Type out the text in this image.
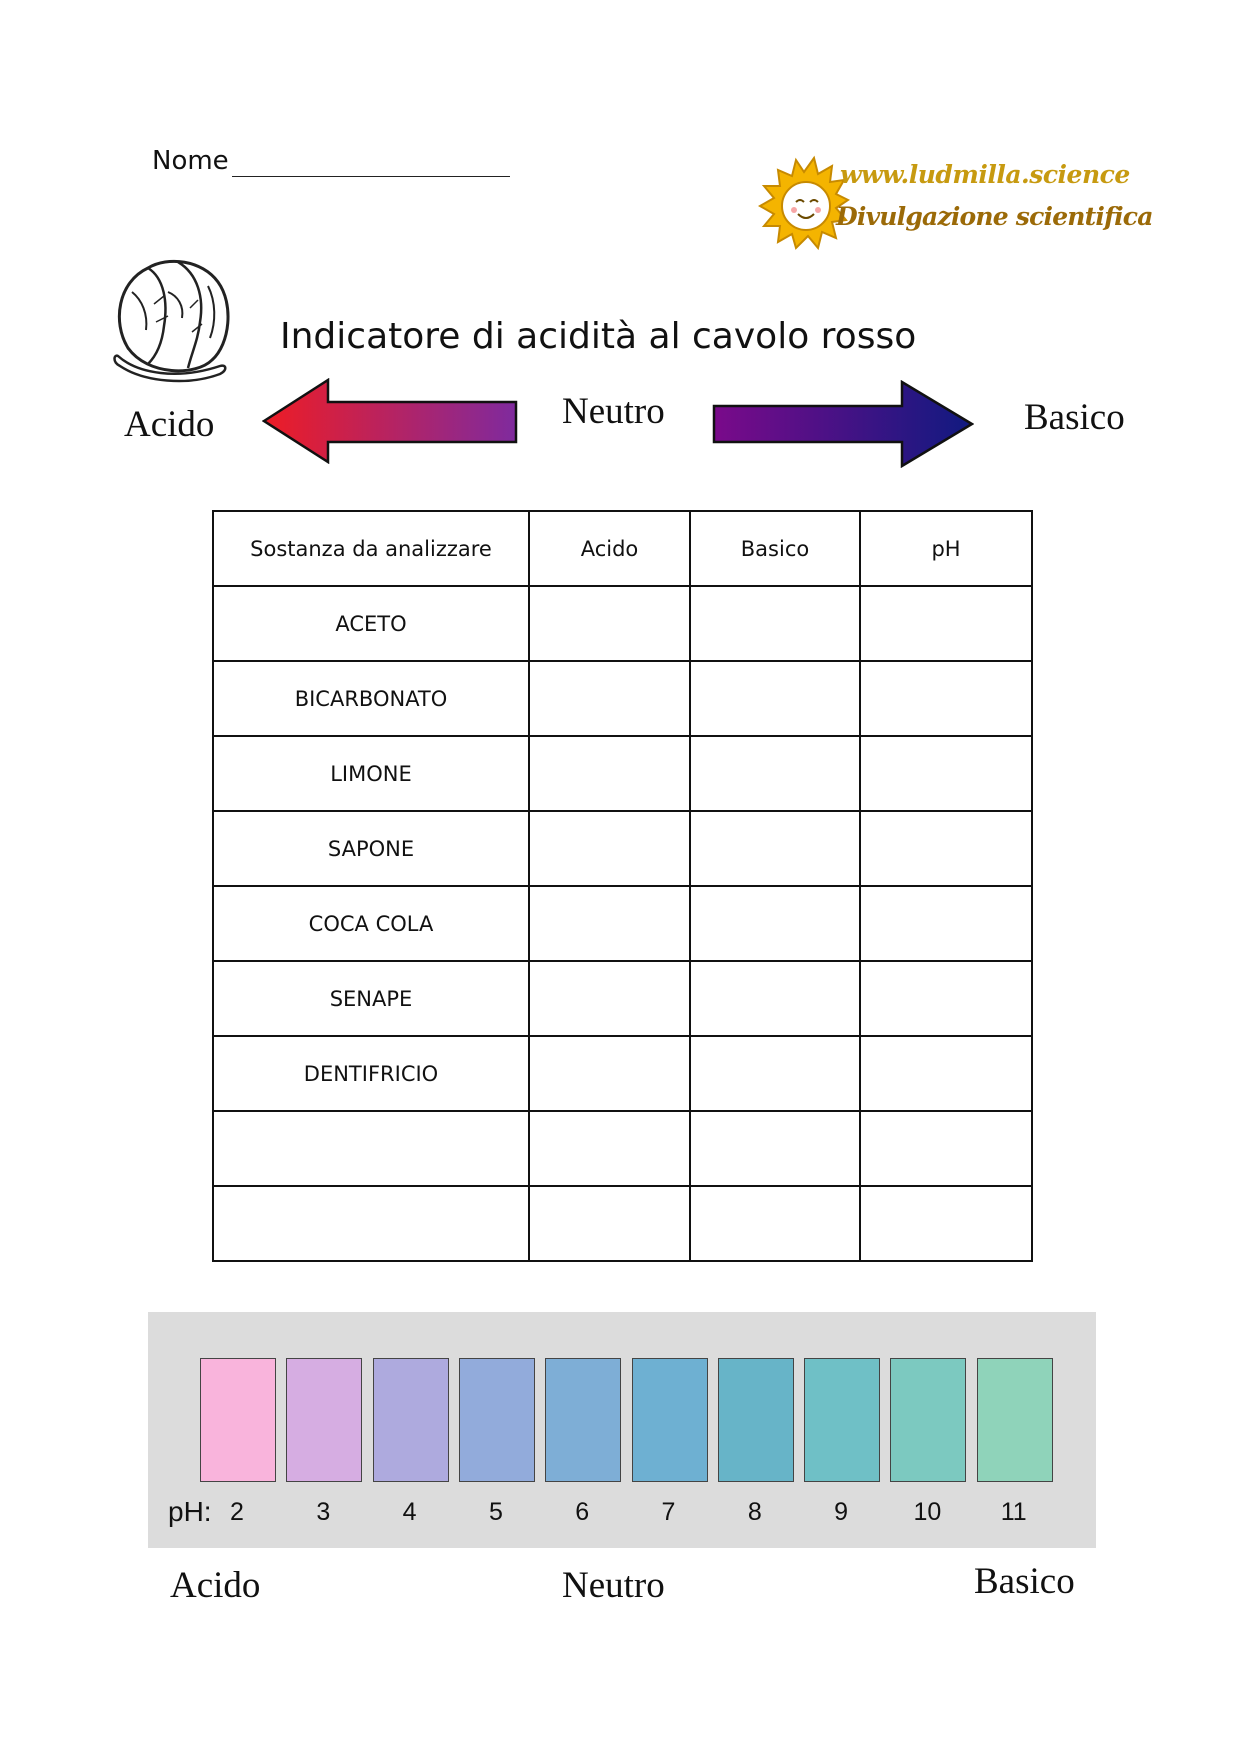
Nome	www.ludmilla.science
Divulgazione scientifica
Indicatore di acidità al cavolo rosso
Acido	Neutro	Basico
Sostanza da analizzare	Acido	Basico	pH
ACETO			
BICARBONATO			
LIMONE			
SAPONE			
COCA COLA			
SENAPE			
DENTIFRICIO			

pH: 2	3	4	5	6	7	8	9	10	11
Acido	Neutro	Basico
